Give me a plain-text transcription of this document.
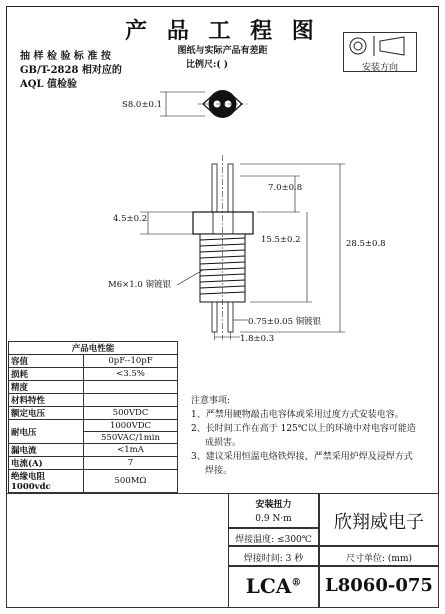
产 品 工 程 图
图纸与实际产品有差距
比例尺:( )	安装方向
抽 样 检 验 标 准 按
GB/T-2828 相对应的
AQL 值检验
S8.0±0.1
7.0±0.8
4.5±0.2
15.5±0.2	28.5±0.8
M6×1.0 铜镀银
0.75±0.05 铜镀银
1.8±0.3
产品电性能	
容值	0pF--10pF
损耗	<3.5%
精度	
材料特性	
额定电压	500VDC
耐电压	1000VDC
	550VAC/1min
漏电流	<1mA
电流(A)	7
绝缘电阻 1000vdc	500MΩ

注意事项:

1、严禁用硬物敲击电容体或采用过度方式安装电容。

2、长时间工作在高于 125℃以上的环境中对电容可能造

成损害。

3、建议采用恒温电烙铁焊接，严禁采用炉焊及浸焊方式

焊接。

安装扭力
0.9 N·m
焊接温度: ≤300℃
焊接时间: 3 秒
欣翔威电子
尺寸单位: (mm)
LCA®	L8060-075
